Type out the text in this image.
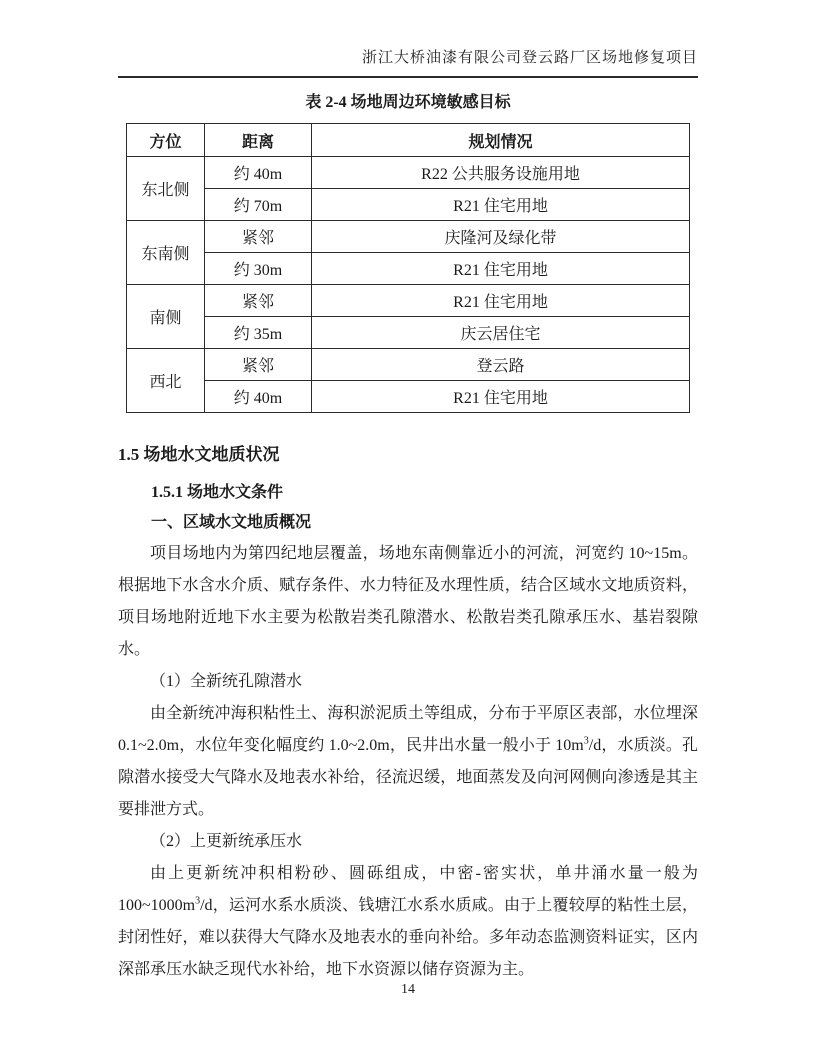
浙江大桥油漆有限公司登云路厂区场地修复项目
表 2-4 场地周边环境敏感目标
方位	距离	规划情况
东北侧	约 40m	R22 公共服务设施用地
	约 70m	R21 住宅用地
东南侧	紧邻	庆隆河及绿化带
	约 30m	R21 住宅用地
南侧	紧邻	R21 住宅用地
	约 35m	庆云居住宅
西北	紧邻	登云路
	约 40m	R21 住宅用地
1.5 场地水文地质状况
1.5.1 场地水文条件
一、区域水文地质概况

项目场地内为第四纪地层覆盖，场地东南侧靠近小的河流，河宽约 10~15m。根据地下水含水介质、赋存条件、水力特征及水理性质，结合区域水文地质资料，项目场地附近地下水主要为松散岩类孔隙潜水、松散岩类孔隙承压水、基岩裂隙水。

（1）全新统孔隙潜水

由全新统冲海积粘性土、海积淤泥质土等组成，分布于平原区表部，水位埋深 0.1~2.0m，水位年变化幅度约 1.0~2.0m，民井出水量一般小于 $10m^3/d$，水质淡。孔隙潜水接受大气降水及地表水补给，径流迟缓，地面蒸发及向河网侧向渗透是其主要排泄方式。

（2）上更新统承压水

由上更新统冲积相粉砂、圆砾组成，中密-密实状，单井涌水量一般为 $100\sim 1000m^3/d$，运河水系水质淡、钱塘江水系水质咸。由于上覆较厚的粘性土层，封闭性好，难以获得大气降水及地表水的垂向补给。多年动态监测资料证实，区内深部承压水缺乏现代水补给，地下水资源以储存资源为主。

14
